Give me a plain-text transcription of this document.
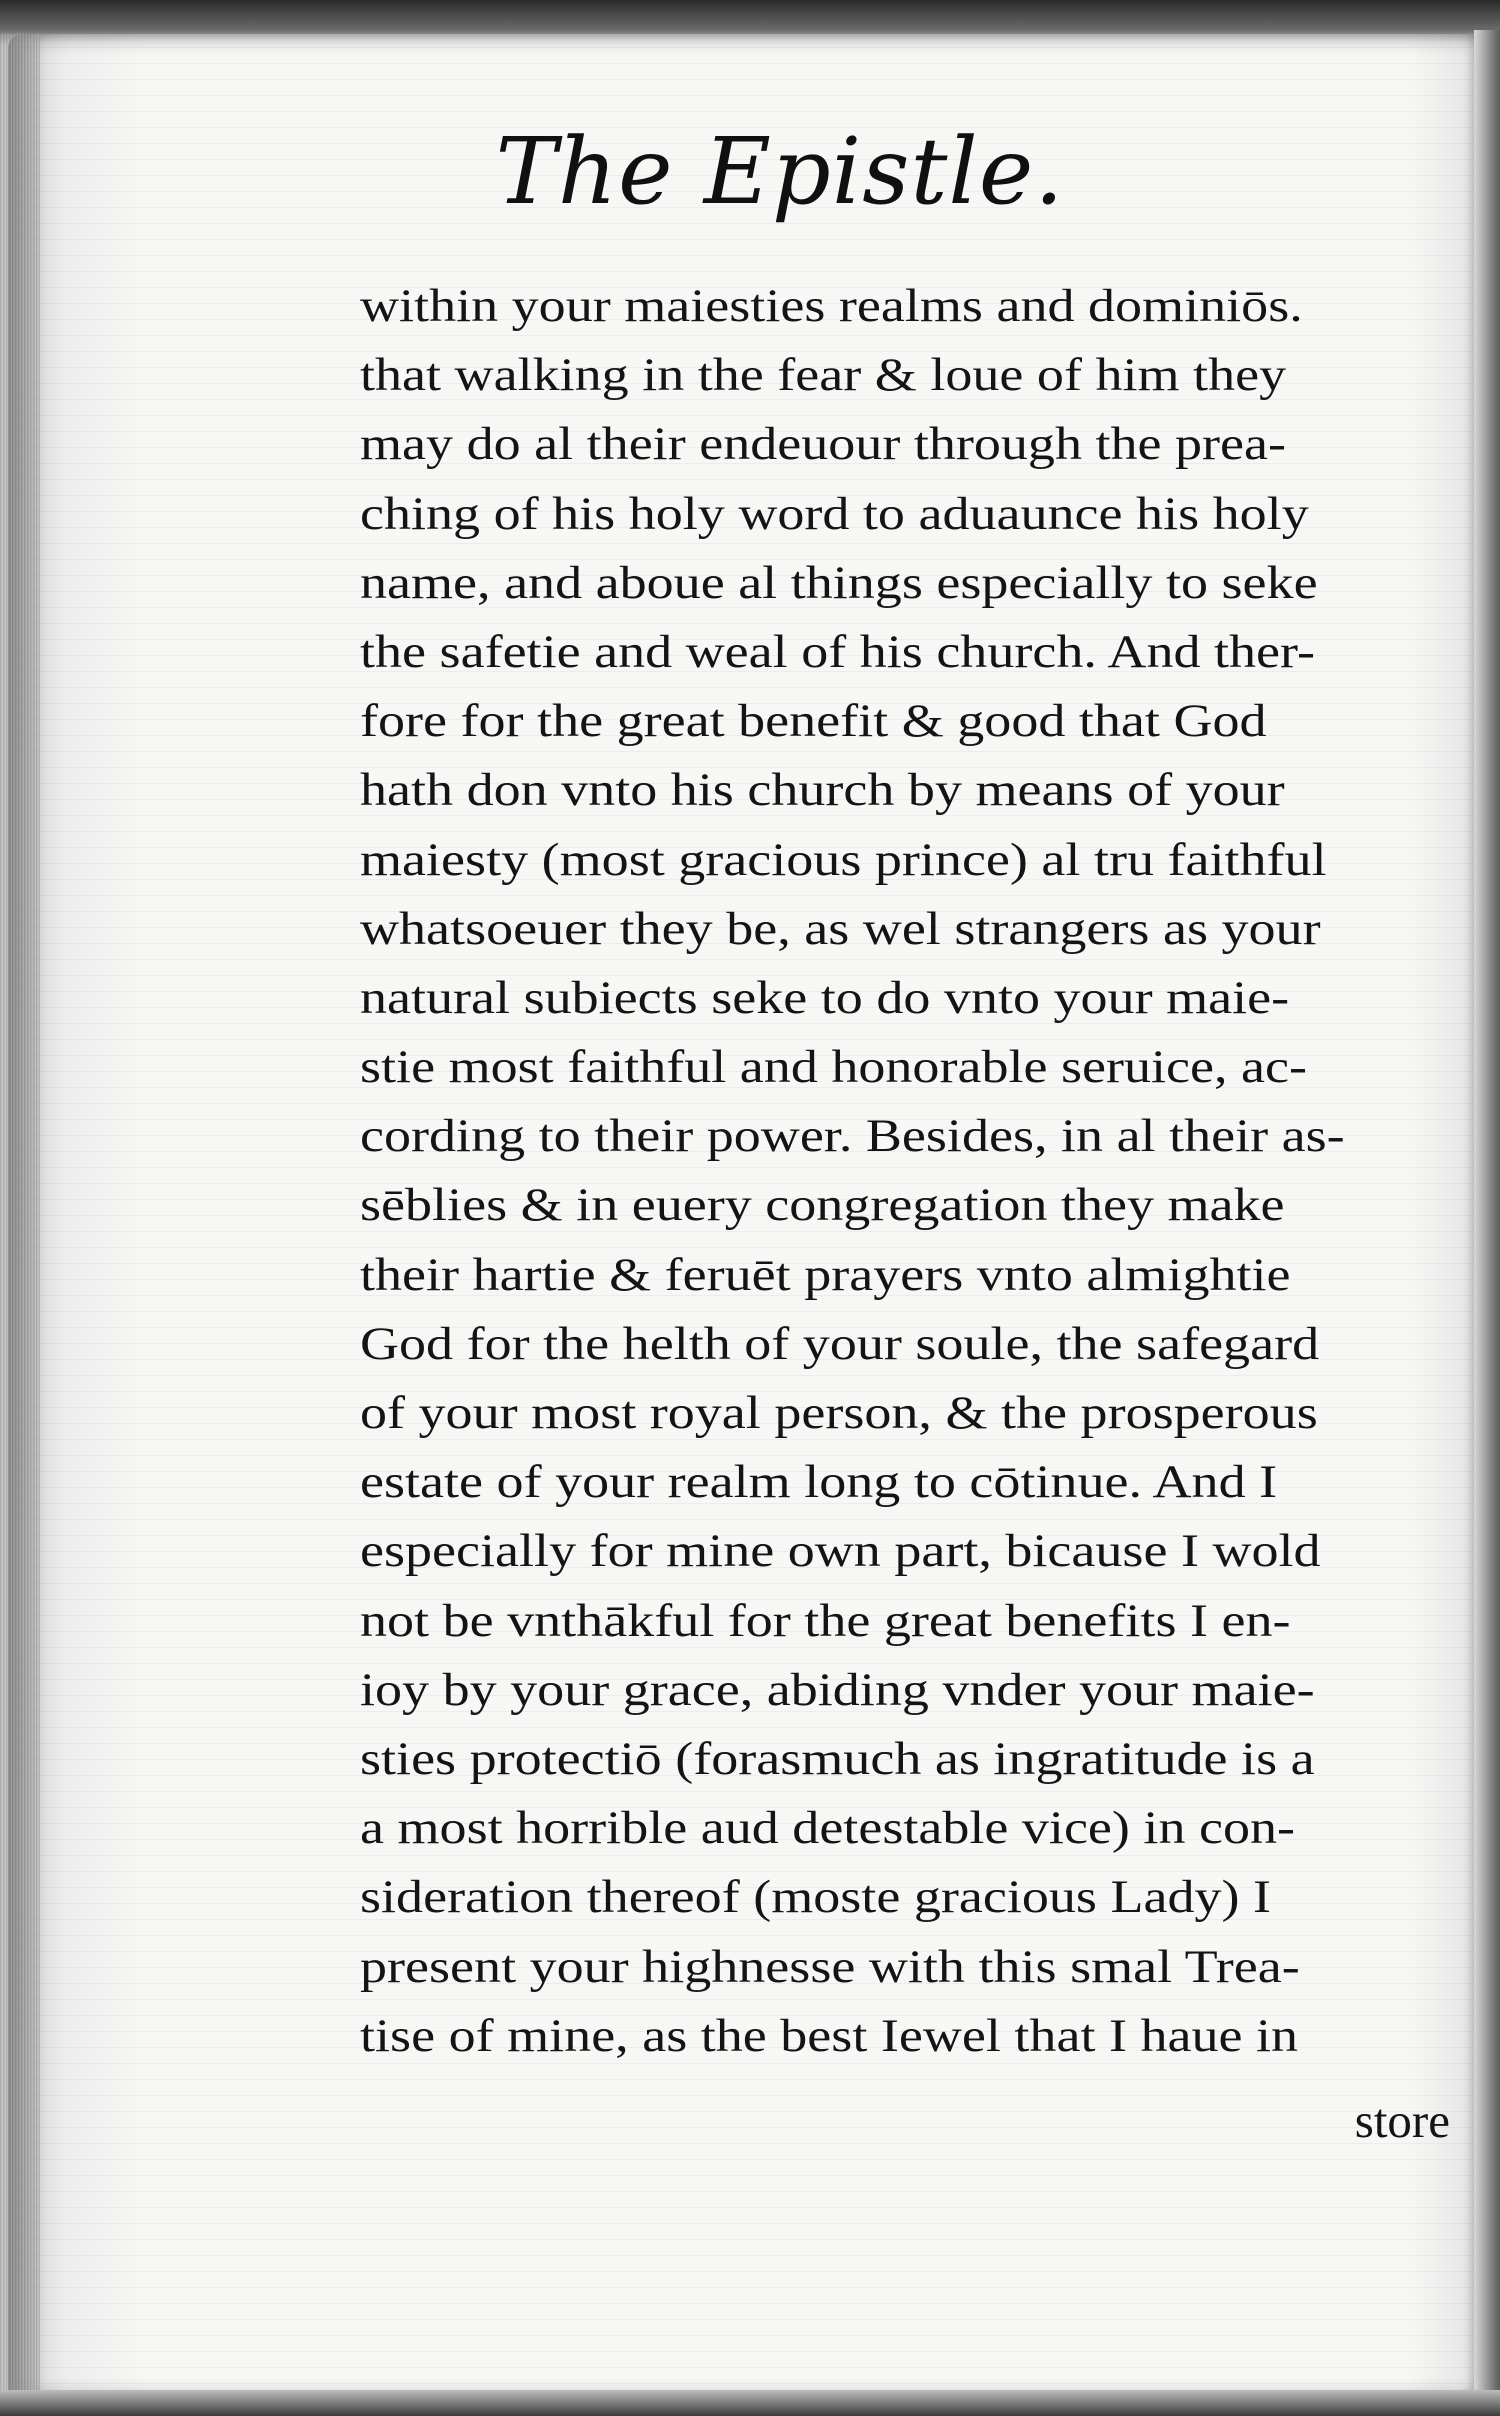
The Epistle.
within your maiesties realms and dominiōs.
that walking in the fear & loue of him they
may do al their endeuour through the prea-
ching of his holy word to aduaunce his holy
name, and aboue al things especially to seke
the safetie and weal of his church. And ther-
fore for the great benefit & good that God
hath don vnto his church by means of your
maiesty (most gracious prince) al tru faithful
whatsoeuer they be, as wel strangers as your
natural subiects seke to do vnto your maie-
stie most faithful and honorable seruice, ac-
cording to their power. Besides, in al their as-
sēblies & in euery congregation they make
their hartie & feruēt prayers vnto almightie
God for the helth of your soule, the safegard
of your most royal person, & the prosperous
estate of your realm long to cōtinue. And I
especially for mine own part, bicause I wold
not be vnthākful for the great benefits I en-
ioy by your grace, abiding vnder your maie-
sties protectiō (forasmuch as ingratitude is a
a most horrible aud detestable vice) in con-
sideration thereof (moste gracious Lady) I
present your highnesse with this smal Trea-
tise of mine, as the best Iewel that I haue in
store
